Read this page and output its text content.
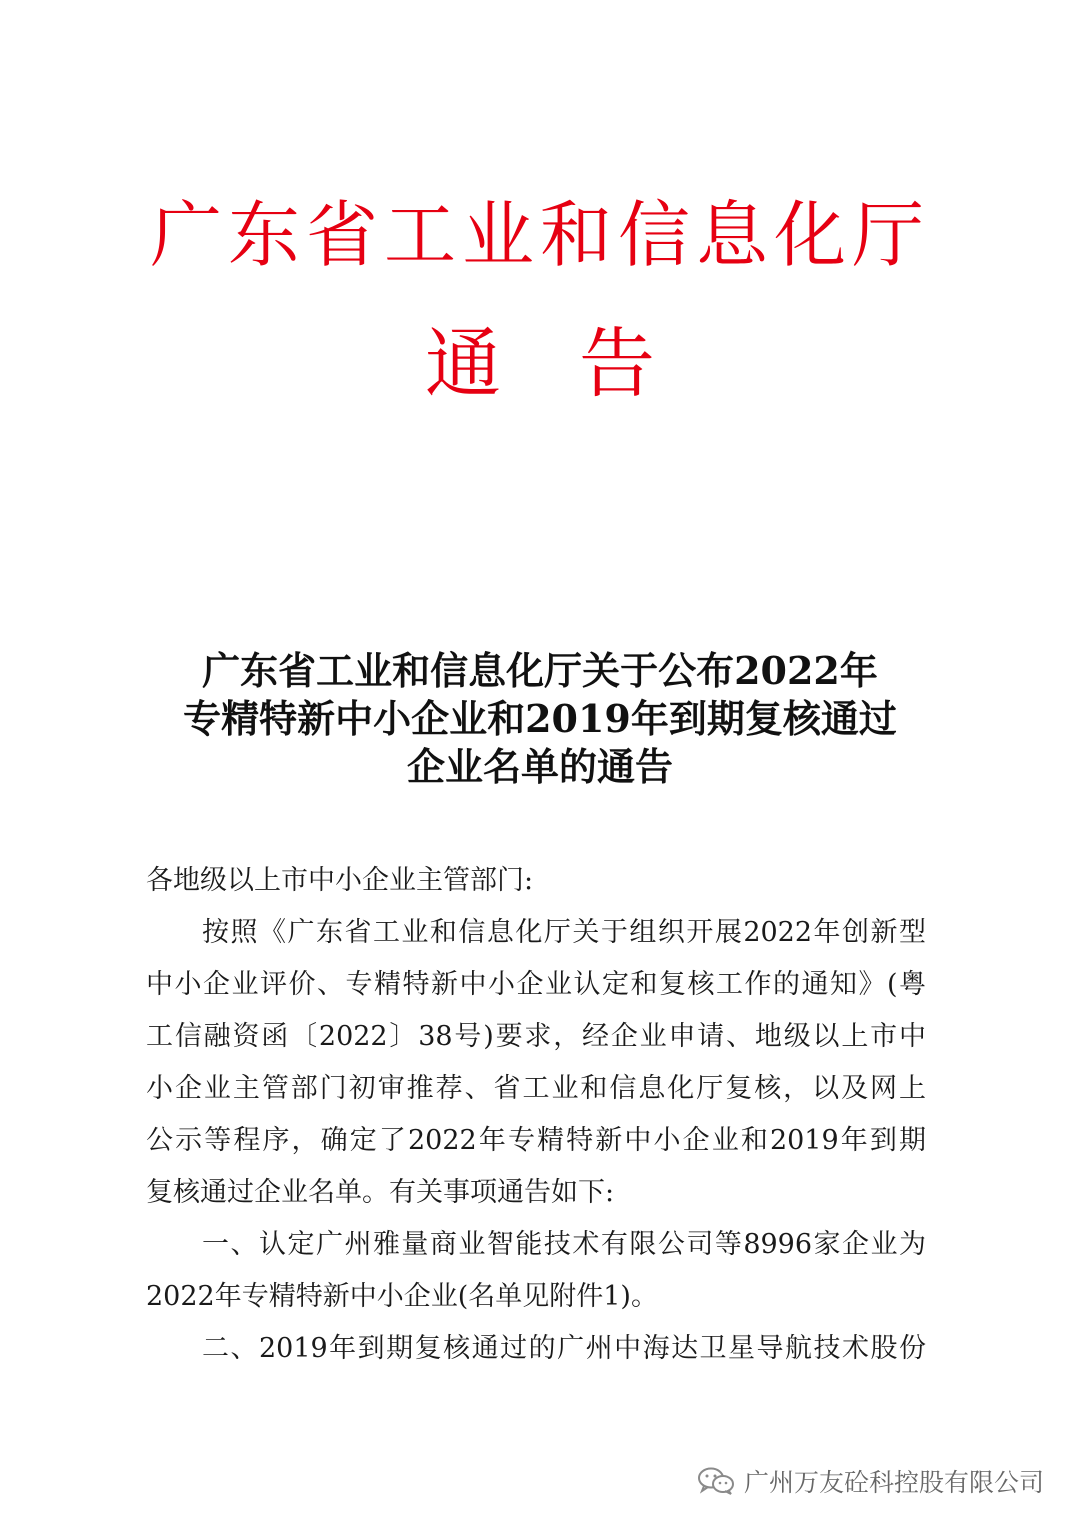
广东省工业和信息化厅
通 告
广东省工业和信息化厅关于公布2022年
专精特新中小企业和2019年到期复核通过
企业名单的通告
各地级以上市中小企业主管部门:
按照《广东省工业和信息化厅关于组织开展2022年创新型
中小企业评价、专精特新中小企业认定和复核工作的通知》(粤
工信融资函〔2022〕38号)要求，经企业申请、地级以上市中
小企业主管部门初审推荐、省工业和信息化厅复核，以及网上
公示等程序，确定了2022年专精特新中小企业和2019年到期
复核通过企业名单。有关事项通告如下:
一、认定广州雅量商业智能技术有限公司等8996家企业为
2022年专精特新中小企业(名单见附件1)。
二、2019年到期复核通过的广州中海达卫星导航技术股份
广州万友砼科控股有限公司
